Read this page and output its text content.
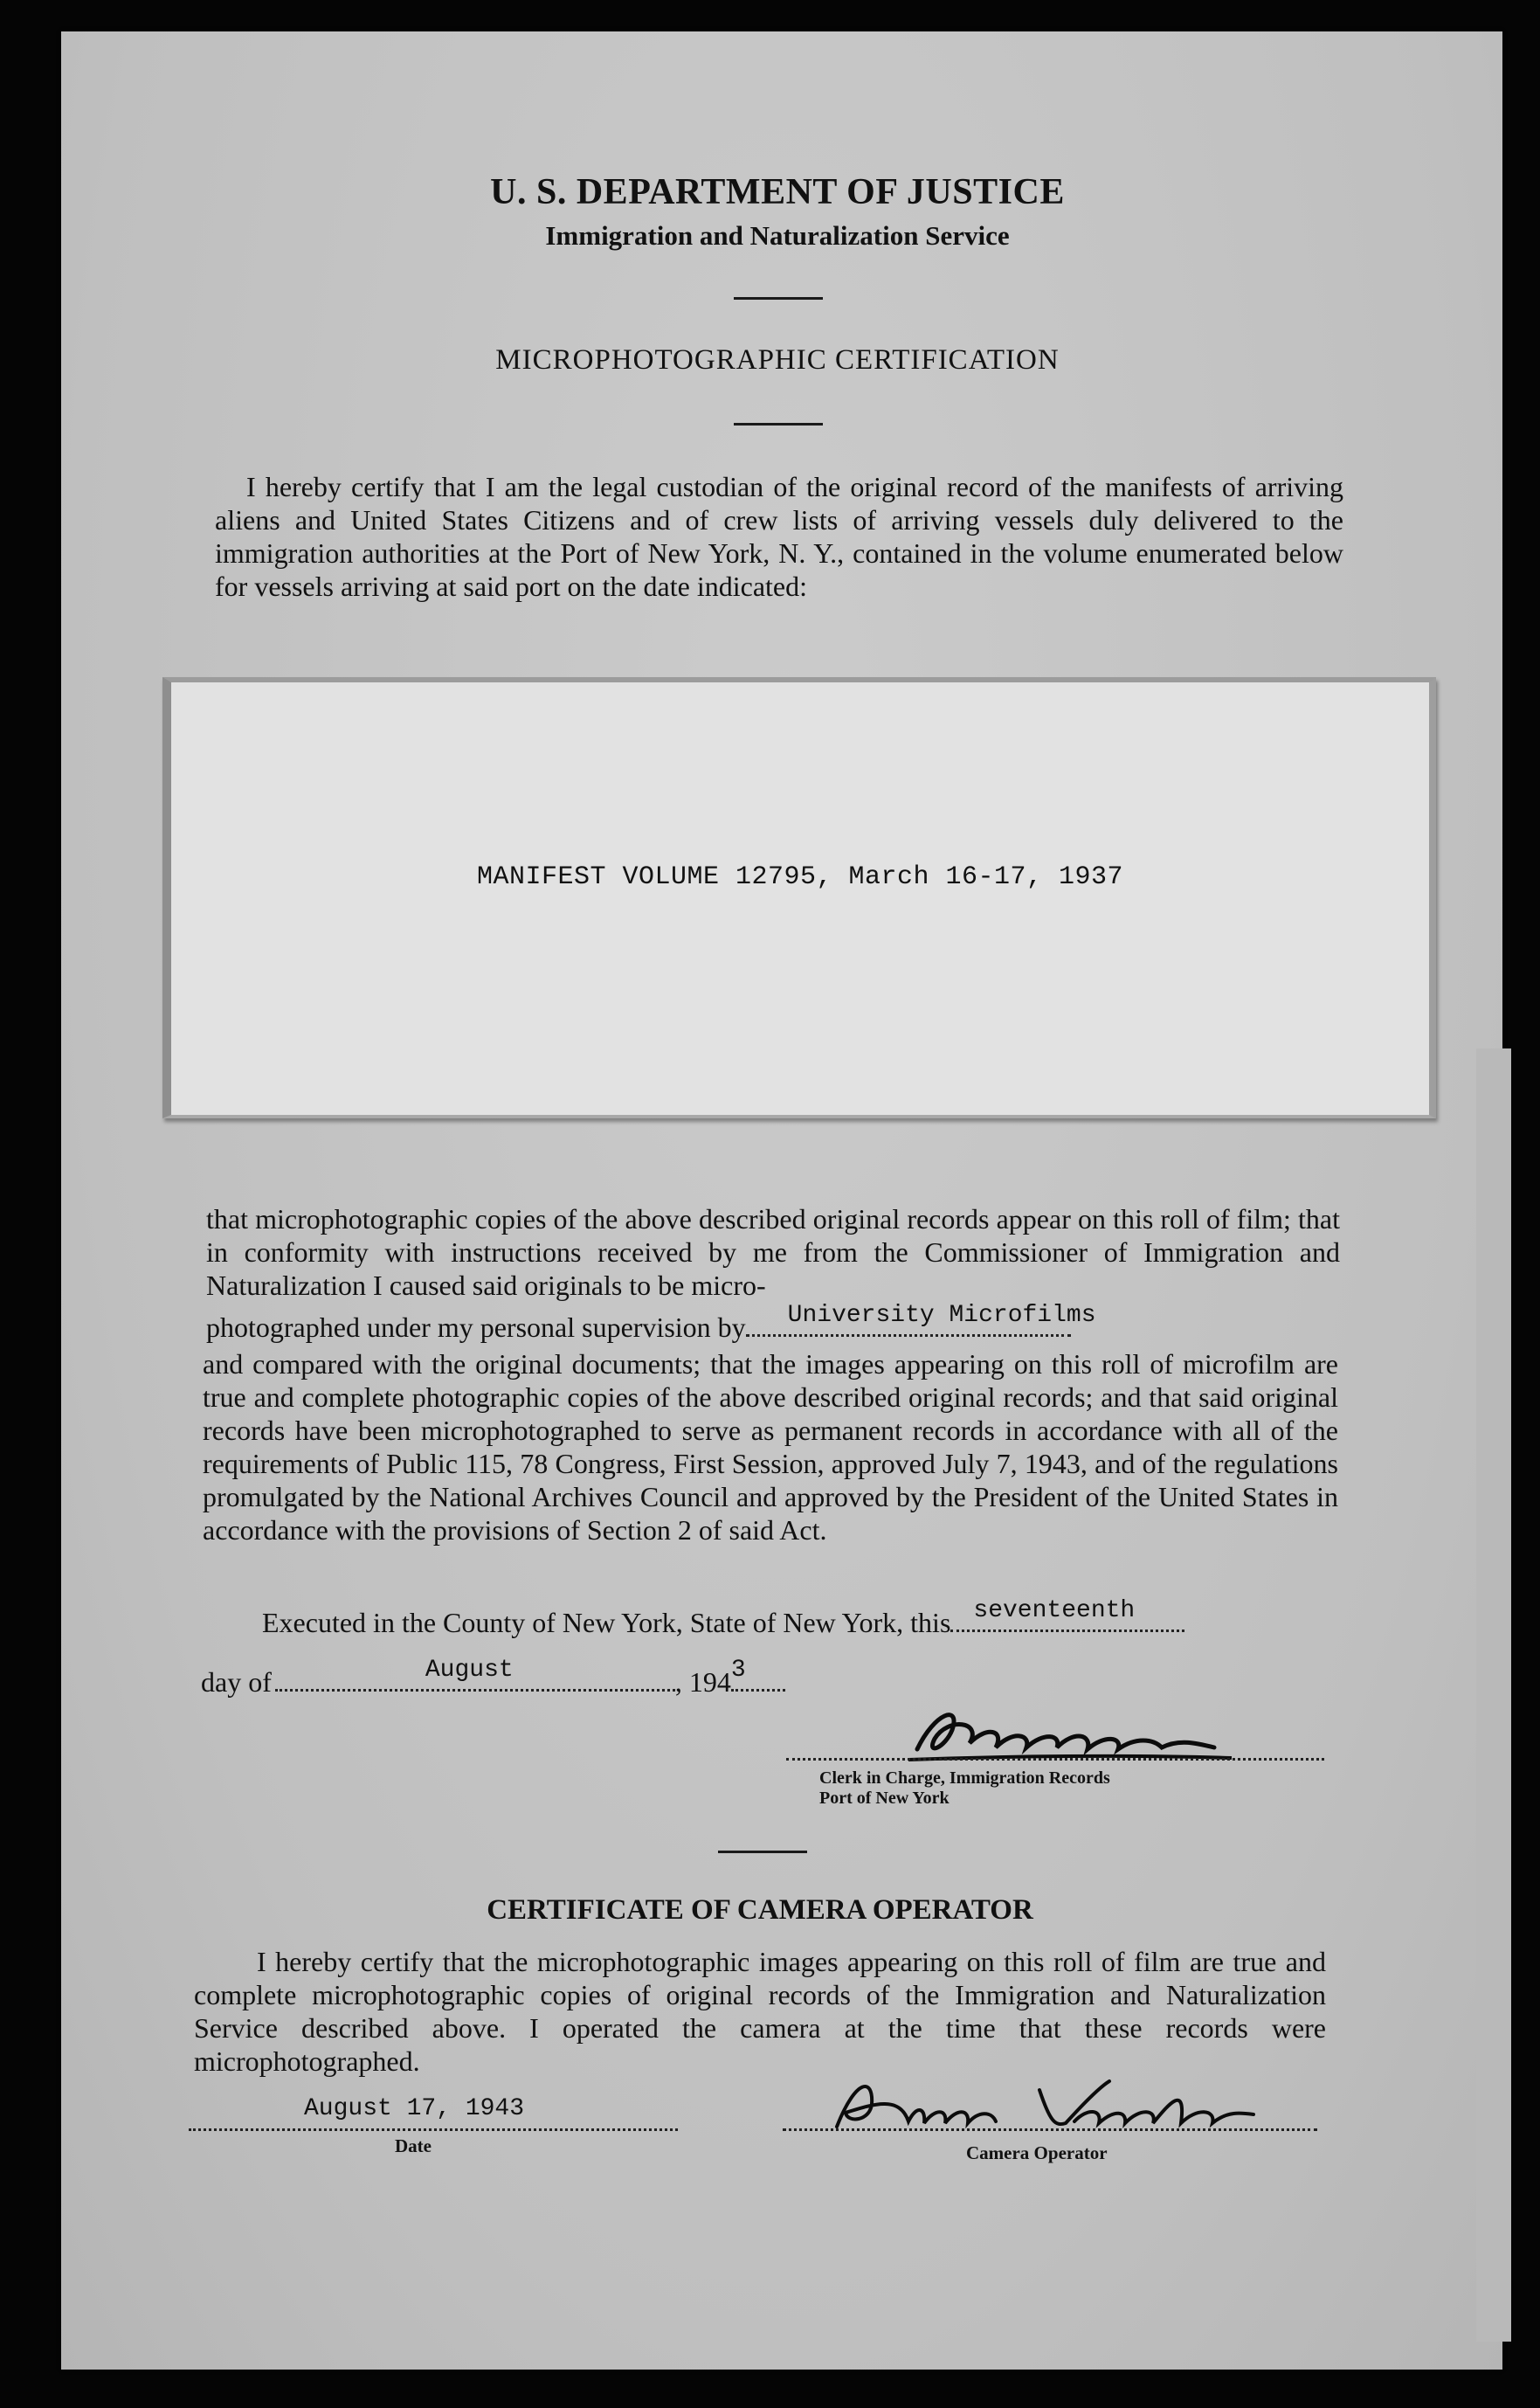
U. S. DEPARTMENT OF JUSTICE
Immigration and Naturalization Service
MICROPHOTOGRAPHIC CERTIFICATION
I hereby certify that I am the legal custodian of the original record of the manifests of arriving aliens and United States Citizens and of crew lists of arriving vessels duly delivered to the immigration authorities at the Port of New York, N. Y., contained in the volume enumerated below for vessels arriving at said port on the date indicated:
MANIFEST VOLUME 12795, March 16-17, 1937
that microphotographic copies of the above described original records appear on this roll of film; that in conformity with instructions received by me from the Commissioner of Immigration and Naturalization I caused said originals to be micro-
photographed under my personal supervision by University Microfilms
and compared with the original documents; that the images appearing on this roll of microfilm are true and complete photographic copies of the above described original records; and that said original records have been microphotographed to serve as permanent records in accordance with all of the requirements of Public 115, 78 Congress, First Session, approved July 7, 1943, and of the regulations promulgated by the National Archives Council and approved by the President of the United States in accordance with the provisions of Section 2 of said Act.
Executed in the County of New York, State of New York, this seventeenth
day of	August	, 194 3
Clerk in Charge, Immigration Records
Port of New York
CERTIFICATE OF CAMERA OPERATOR
I hereby certify that the microphotographic images appearing on this roll of film are true and complete microphotographic copies of original records of the Immigration and Naturalization Service described above. I operated the camera at the time that these records were microphotographed.
August 17, 1943
Date	Camera Operator
